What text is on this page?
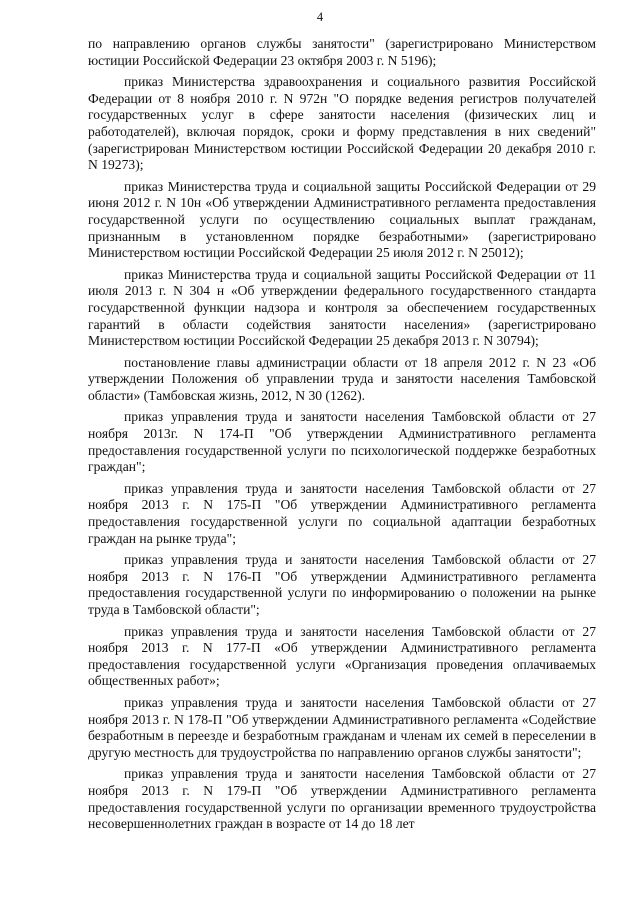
4

по направлению органов службы занятости" (зарегистрировано Министерством юстиции Российской Федерации 23 октября 2003 г. N 5196);

приказ Министерства здравоохранения и социального развития Российской Федерации от 8 ноября 2010 г. N 972н "О порядке ведения регистров получателей государственных услуг в сфере занятости населения (физических лиц и работодателей), включая порядок, сроки и форму представления в них сведений" (зарегистрирован Министерством юстиции Российской Федерации 20 декабря 2010 г. N 19273);

приказ Министерства труда и социальной защиты Российской Федерации от 29 июня 2012 г. N 10н «Об утверждении Административного регламента предоставления государственной услуги по осуществлению социальных выплат гражданам, признанным в установленном порядке безработными» (зарегистрировано Министерством юстиции Российской Федерации 25 июля 2012 г. N 25012);

приказ Министерства труда и социальной защиты Российской Федерации от 11 июля 2013 г. N 304 н «Об утверждении федерального государственного стандарта государственной функции надзора и контроля за обеспечением государственных гарантий в области содействия занятости населения» (зарегистрировано Министерством юстиции Российской Федерации 25 декабря 2013 г. N 30794);

постановление главы администрации области от 18 апреля 2012 г. N 23 «Об утверждении Положения об управлении труда и занятости населения Тамбовской области» (Тамбовская жизнь, 2012, N 30 (1262).

приказ управления труда и занятости населения Тамбовской области от 27 ноября 2013г. N 174-П "Об утверждении Административного регламента предоставления государственной услуги по психологической поддержке безработных граждан";

приказ управления труда и занятости населения Тамбовской области от 27 ноября 2013 г. N 175-П "Об утверждении Административного регламента предоставления государственной услуги по социальной адаптации безработных граждан на рынке труда";

приказ управления труда и занятости населения Тамбовской области от 27 ноября 2013 г. N 176-П "Об утверждении Административного регламента предоставления государственной услуги по информированию о положении на рынке труда в Тамбовской области";

приказ управления труда и занятости населения Тамбовской области от 27 ноября 2013 г. N 177-П «Об утверждении Административного регламента предоставления государственной услуги «Организация проведения оплачиваемых общественных работ»;

приказ управления труда и занятости населения Тамбовской области от 27 ноября 2013 г. N 178-П "Об утверждении Административного регламента «Содействие безработным в переезде и безработным гражданам и членам их семей в переселении в другую местность для трудоустройства по направлению органов службы занятости";

приказ управления труда и занятости населения Тамбовской области от 27 ноября 2013 г. N 179-П "Об утверждении Административного регламента предоставления государственной услуги по организации временного трудоустройства несовершеннолетних граждан в возрасте от 14 до 18 лет
